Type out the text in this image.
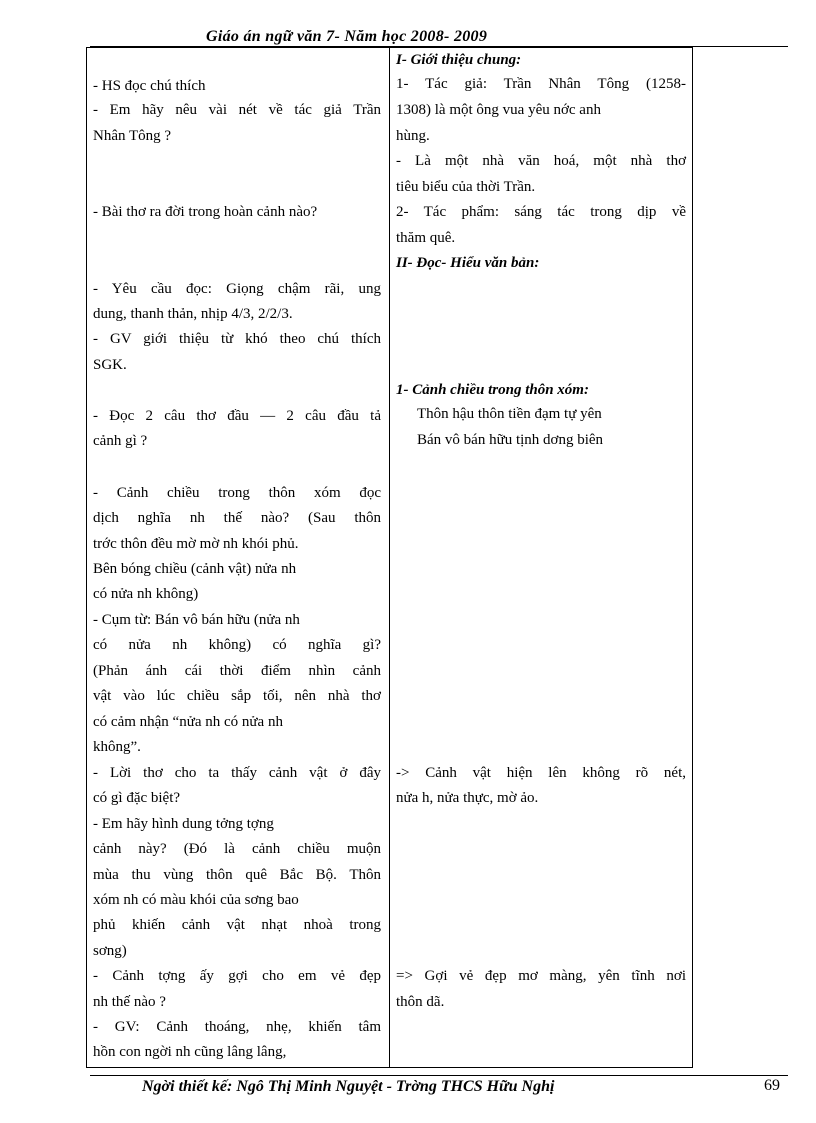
Giáo án ngữ văn 7- Năm học 2008- 2009
- HS đọc chú thích
- Em hãy nêu vài nét về tác giả Trần
Nhân Tông ?
- Bài thơ ra đời trong hoàn cảnh nào?
- Yêu cầu đọc: Giọng chậm rãi, ung
dung, thanh thản, nhịp 4/3, 2/2/3.
- GV giới thiệu từ khó theo chú thích
SGK.
- Đọc 2 câu thơ đầu — 2 câu đầu tả
cảnh gì ?
- Cảnh chiều trong thôn xóm đọc
dịch nghĩa nh thế nào? (Sau thôn
trớc thôn đều mờ mờ nh khói phủ.
Bên bóng chiều (cảnh vật) nửa nh
có nửa nh không)
- Cụm từ: Bán vô bán hữu (nửa nh
có nửa nh không) có nghĩa gì?
(Phản ánh cái thời điểm nhìn cảnh
vật vào lúc chiều sắp tối, nên nhà thơ
có cảm nhận “nửa nh có nửa nh
không”.
- Lời thơ cho ta thấy cảnh vật ở đây
có gì đặc biệt?
- Em hãy hình dung tởng tợng
cảnh này? (Đó là cảnh chiều muộn
mùa thu vùng thôn quê Bắc Bộ. Thôn
xóm nh có màu khói của sơng bao
phủ khiến cảnh vật nhạt nhoà trong
sơng)
- Cảnh tợng ấy gợi cho em vẻ đẹp
nh thế nào ?
- GV: Cảnh thoáng, nhẹ, khiến tâm
hồn con ngời nh cũng lâng lâng,
I- Giới thiệu chung:
1- Tác giả: Trần Nhân Tông (1258-
1308) là một ông vua yêu nớc anh
hùng.
- Là một nhà văn hoá, một nhà thơ
tiêu biểu của thời Trần.
2- Tác phẩm: sáng tác trong dịp về
thăm quê.
II- Đọc- Hiểu văn bản:
1- Cảnh chiều trong thôn xóm:
Thôn hậu thôn tiền đạm tự yên
Bán vô bán hữu tịnh dơng biên
-> Cảnh vật hiện lên không rõ nét,
nửa h, nửa thực, mờ ảo.
=> Gợi vẻ đẹp mơ màng, yên tĩnh nơi
thôn dã.
Ngời thiết kế: Ngô Thị Minh Nguyệt - Trờng THCS Hữu Nghị	69
